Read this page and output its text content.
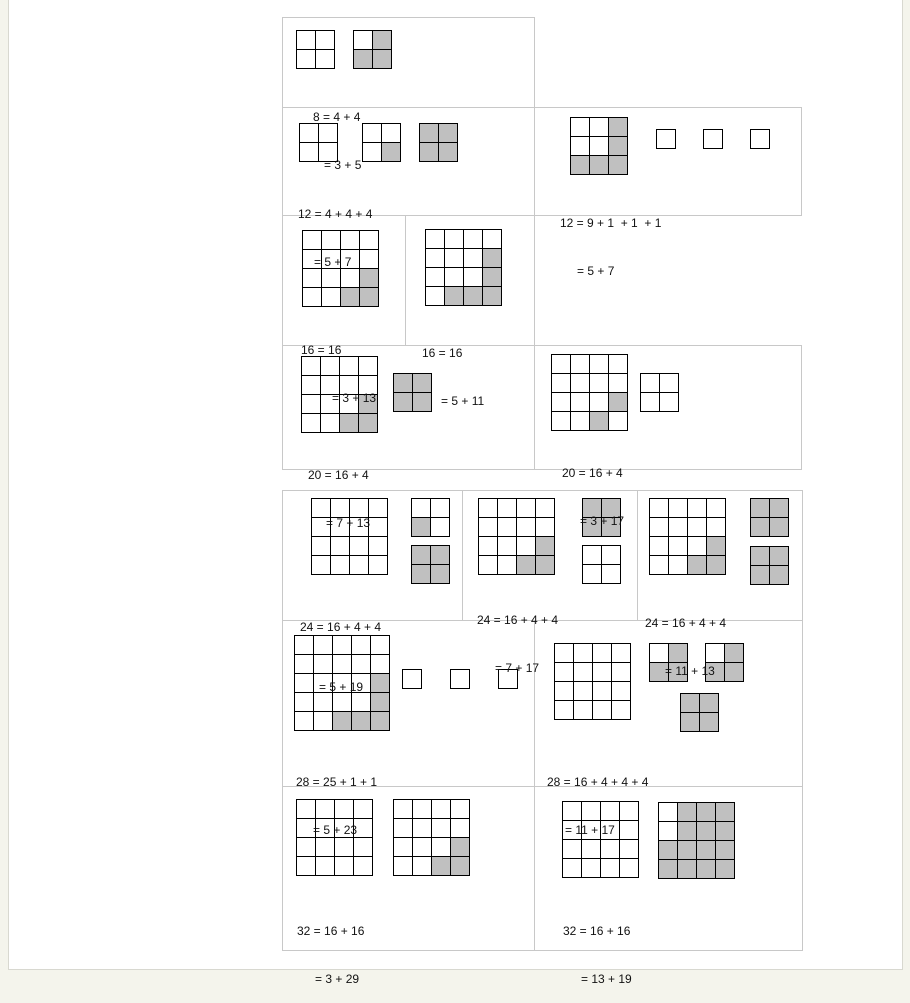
8 = 4 + 4

= 3 + 5

12 = 4 + 4 + 4

= 5 + 7

12 = 9 + 1  + 1  + 1

= 5 + 7

16 = 16

= 3 + 13

16 = 16

= 5 + 11

20 = 16 + 4

= 7 + 13

20 = 16 + 4

= 3 + 17

24 = 16 + 4 + 4

= 5 + 19

24 = 16 + 4 + 4

= 7 + 17

24 = 16 + 4 + 4

= 11 + 13

28 = 25 + 1 + 1

= 5 + 23

28 = 16 + 4 + 4 + 4

= 11 + 17

32 = 16 + 16

= 3 + 29

32 = 16 + 16

= 13 + 19
